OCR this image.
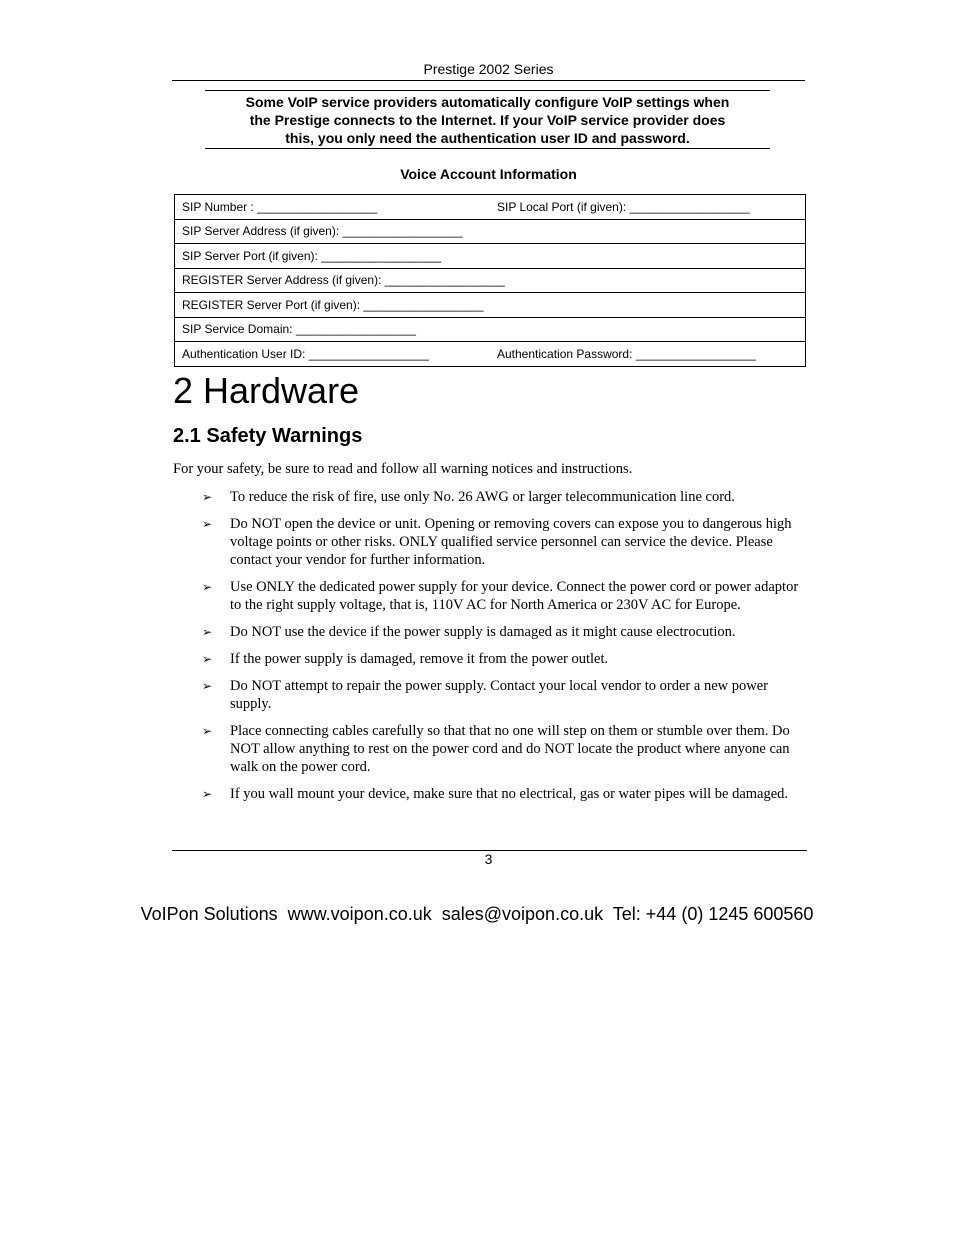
Prestige 2002 Series
Some VoIP service providers automatically configure VoIP settings when
the Prestige connects to the Internet. If your VoIP service provider does
this, you only need the authentication user ID and password.
Voice Account Information
SIP Number : __________________	SIP Local Port (if given): __________________
SIP Server Address (if given): __________________	
SIP Server Port (if given): __________________	
REGISTER Server Address (if given): __________________	
REGISTER Server Port (if given): __________________	
SIP Service Domain: __________________	
Authentication User ID: __________________	Authentication Password: __________________
2 Hardware
2.1 Safety Warnings
For your safety, be sure to read and follow all warning notices and instructions.
➢ To reduce the risk of fire, use only No. 26 AWG or larger telecommunication line cord.
➢ Do NOT open the device or unit. Opening or removing covers can expose you to dangerous high voltage points or other risks. ONLY qualified service personnel can service the device. Please contact your vendor for further information.
➢ Use ONLY the dedicated power supply for your device. Connect the power cord or power adaptor to the right supply voltage, that is, 110V AC for North America or 230V AC for Europe.
➢ Do NOT use the device if the power supply is damaged as it might cause electrocution.
➢ If the power supply is damaged, remove it from the power outlet.
➢ Do NOT attempt to repair the power supply. Contact your local vendor to order a new power supply.
➢ Place connecting cables carefully so that that no one will step on them or stumble over them. Do NOT allow anything to rest on the power cord and do NOT locate the product where anyone can walk on the power cord.
➢ If you wall mount your device, make sure that no electrical, gas or water pipes will be damaged.
3
VoIPon Solutions  www.voipon.co.uk  sales@voipon.co.uk  Tel: +44 (0) 1245 600560
